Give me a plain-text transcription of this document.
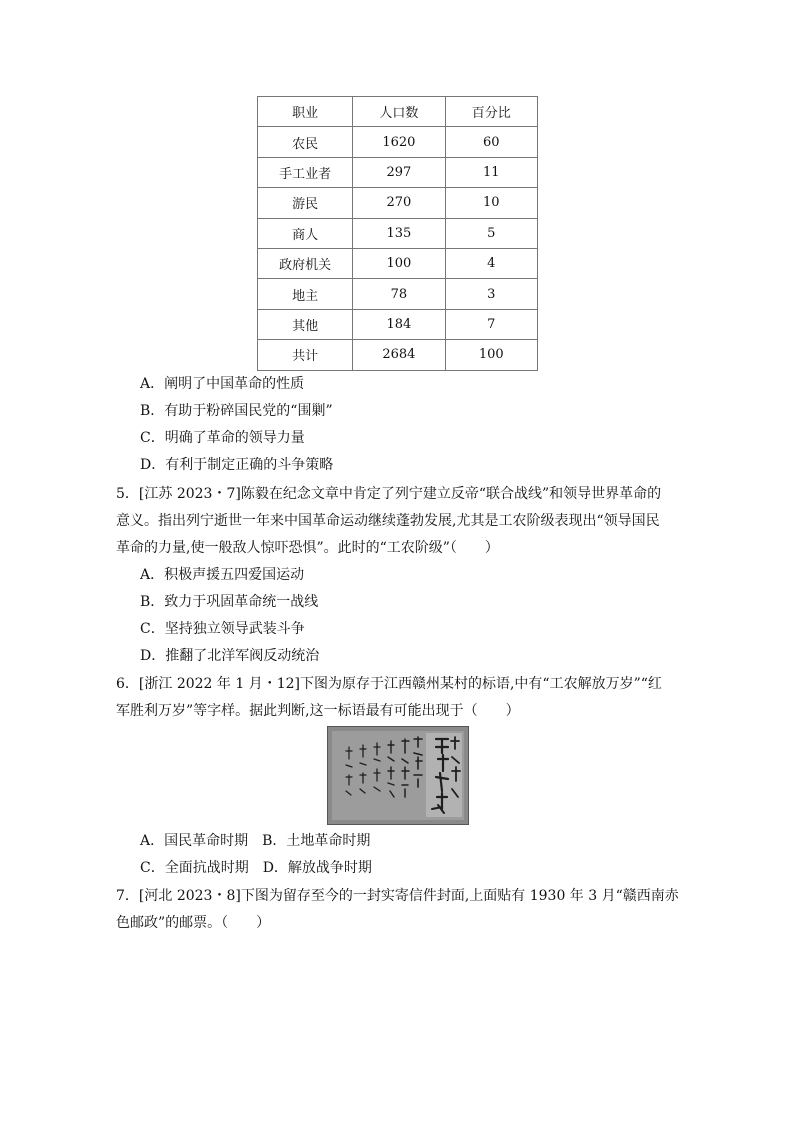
职业	人口数	百分比
农民	1620	60
手工业者	297	11
游民	270	10
商人	135	5
政府机关	100	4
地主	78	3
其他	184	7
共计	2684	100
A．阐明了中国革命的性质
B．有助于粉碎国民党的“围剿”
C．明确了革命的领导力量
D．有利于制定正确的斗争策略
5．[江苏 2023・7]陈毅在纪念文章中肯定了列宁建立反帝“联合战线”和领导世界革命的
意义。指出列宁逝世一年来中国革命运动继续蓬勃发展,尤其是工农阶级表现出“领导国民
革命的力量,使一般敌人惊吓恐惧”。此时的“工农阶级”（　　）
A．积极声援五四爱国运动
B．致力于巩固革命统一战线
C．坚持独立领导武装斗争
D．推翻了北洋军阀反动统治
6．[浙江 2022 年 1 月・12]下图为原存于江西赣州某村的标语,中有“工农解放万岁”“红
军胜利万岁”等字样。据此判断,这一标语最有可能出现于（　　）
A．国民革命时期　B．土地革命时期
C．全面抗战时期　D．解放战争时期
7．[河北 2023・8]下图为留存至今的一封实寄信件封面,上面贴有 1930 年 3 月“赣西南赤
色邮政”的邮票。（　　）
